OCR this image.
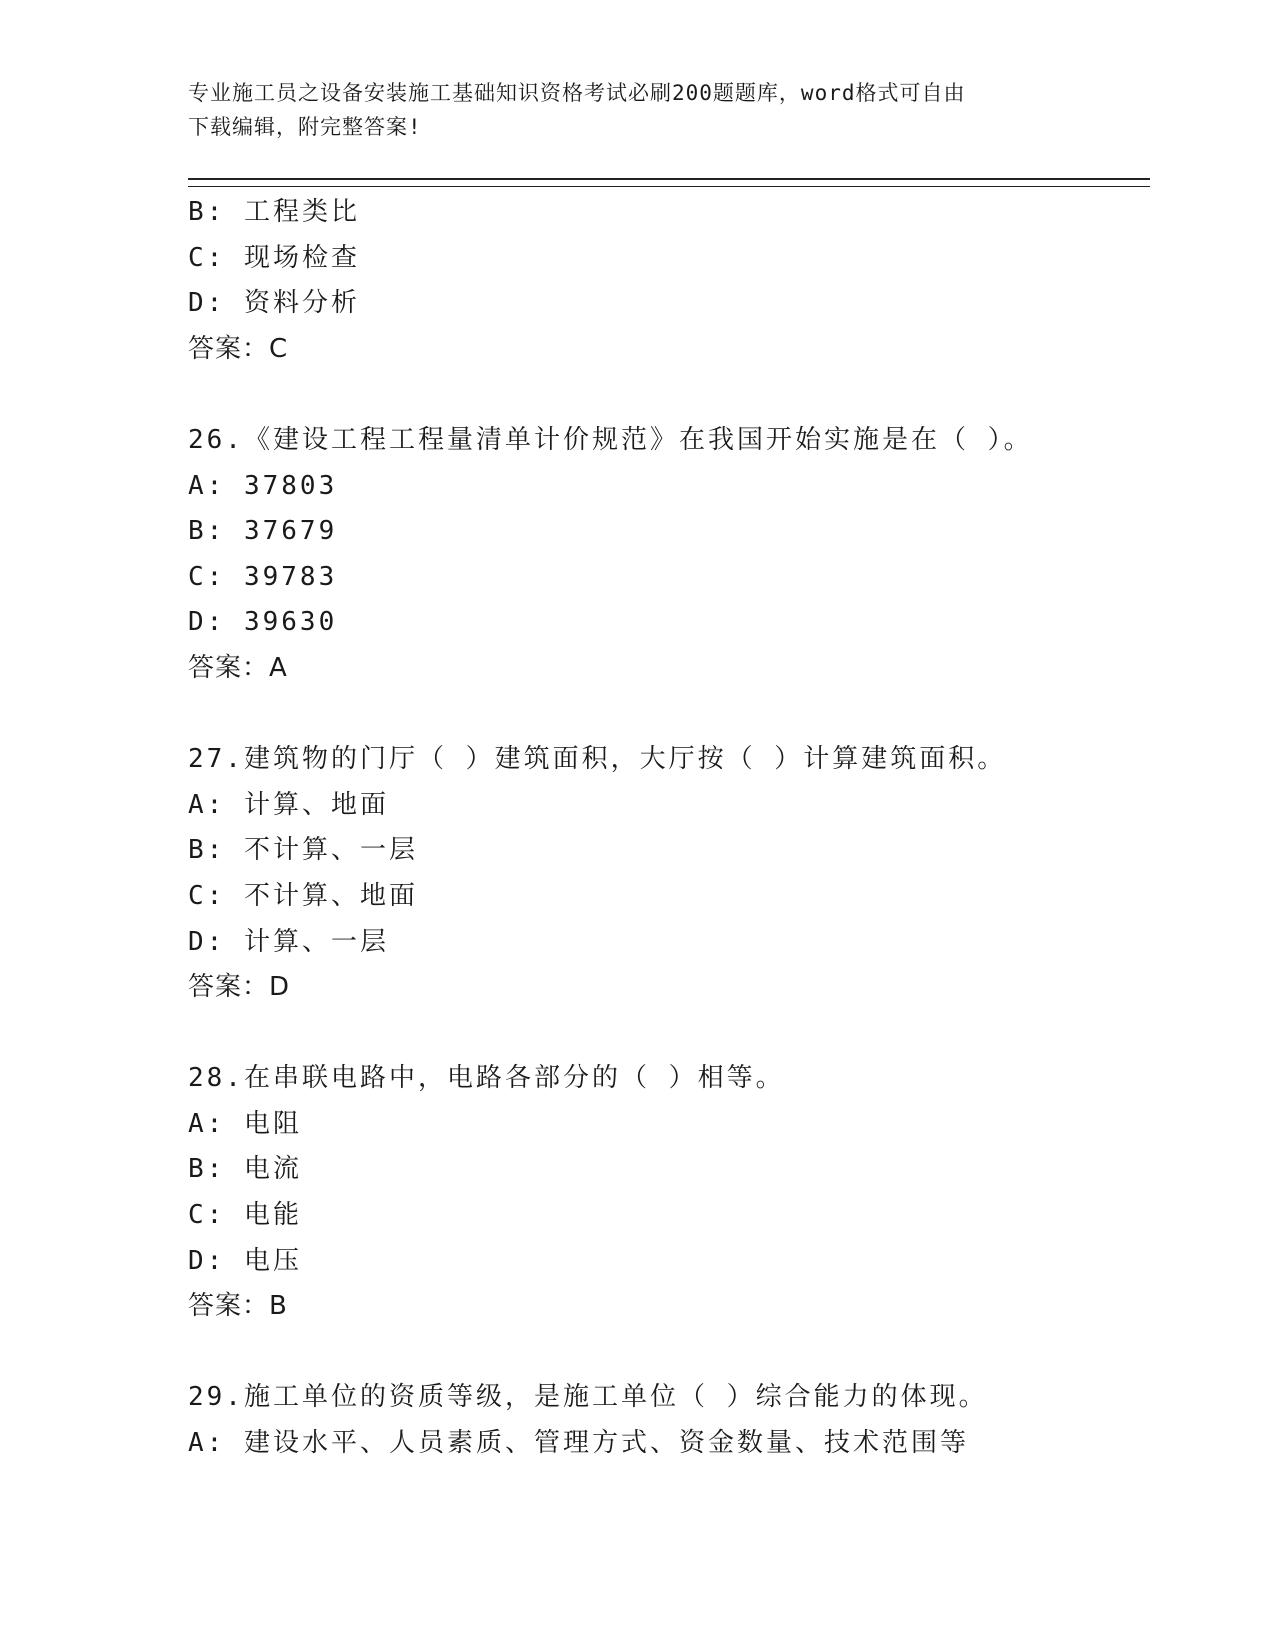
专业施工员之设备安装施工基础知识资格考试必刷200题题库，word格式可自由
下载编辑，附完整答案!
B: 工程类比
C: 现场检查
D: 资料分析
答案：C
26.《建设工程工程量清单计价规范》在我国开始实施是在（ ）。
A: 37803
B: 37679
C: 39783
D: 39630
答案：A
27.建筑物的门厅（ ）建筑面积，大厅按（ ）计算建筑面积。
A: 计算、地面
B: 不计算、一层
C: 不计算、地面
D: 计算、一层
答案：D
28.在串联电路中，电路各部分的（ ）相等。
A: 电阻
B: 电流
C: 电能
D: 电压
答案：B
29.施工单位的资质等级，是施工单位（ ）综合能力的体现。
A: 建设水平、人员素质、管理方式、资金数量、技术范围等
